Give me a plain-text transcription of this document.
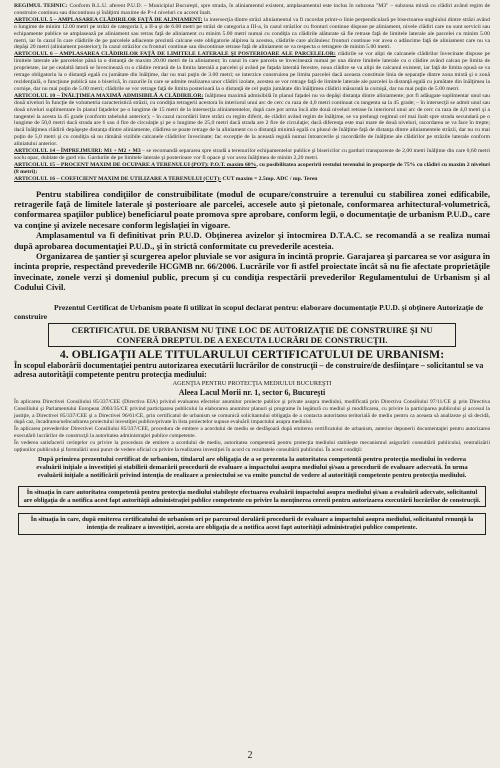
REGIMUL TEHNIC: Conform R.L.U. aferent P.U.D. – Municipiul Bucureşti, spre strada, în aliniamentul existent, amplasamentul este inclus în subzona "M3" – subzona mixtă cu clădiri având regim de construire continuu sau discontinuu şi înălţimi maxime de P+4 niveluri cu accent înalt.

ARTICOLUL 5 – AMPLASAREA CLĂDIRILOR FAŢĂ DE ALINIAMENT: la intersecţia dintre străzi aliniamentul va fi racordat printr-o linie perpendiculară pe bisectoarea unghiului dintre străzi având o lungime de minim 12.00 metri pe străzi de categoria I, a II-a şi de 6.00 metri pe străzi de categoria a III-a, în cazul străzilor cu fronturi continue dispuse pe aliniament, nivele clădiri care nu sunt servicii sau echipamente publice se amplasează pe aliniament sau retras faţă de aliniament cu minim 5.00 metri numai cu condiţia ca clădirile alăturate să fie retrase faţă de limitele laterale ale parcelei cu minim 5.00 metri, iar în cazul în care clădirile de pe parcelele adiacente prezintă calcane este obligatorie alipirea la acestea, clădirile care alcătuiesc fronturi continue vor avea o adâncime faţă de aliniament care nu va depăşi 20 metri (aliniament posterior); în cazul străzilor cu fronturi continue sau discontinue retrase faţă de aliniament se va respecta o retragere de minim 5.00 metri.

ARTICOLUL 6 – AMPLASAREA CLĂDIRILOR FAŢĂ DE LIMITELE LATERALE ŞI POSTERIOARE ALE PARCELELOR: clădirile se vor alipi de calcanele clădirilor învecinate dispuse pe limitele laterale ale parcelelor până la o distanţă de maxim 20.00 metri de la aliniament; în cazul în care parcela se învecinează numai pe una dintre limitele laterale cu o clădire având calcan pe limita de proprietate, iar pe cealaltă latură se învecinează cu o clădire retrasă de la limita laterală a parcelei şi având pe faţada laterală ferestre, noua clădire se va alipi de calcanul existent, iar faţă de limita opusă se va retrage obligatoriu la o distanţă egală cu jumătate din înălţime, dar nu mai puţin de 3.00 metri; se interzice construirea pe limita parcelei dacă aceasta constituie linia de separaţie dintre zona mixtă şi o zonă rezidenţială, o funcţiune publică sau o biserică, în cazurile în care se admite realizarea unor clădiri izolate, acestea se vor retrage faţă de limitele laterale ale parcelei la distanţă egală cu jumătate din înălţimea la cornişe, dar nu mai puţin de 5.00 metri; clădirile se vor retrage faţă de limita posterioară la o distanţă de cel puţin jumătate din înălţimea clădirii măsurată la cornişă, dar nu mai puţin de 5.00 metri.

ARTICOLUL 10 – ÎNĂLŢIMEA MAXIMĂ ADMISIBILĂ A CLĂDIRILOR: înălţimea maximă admisibilă în planul faţadei nu va depăşi distanţa dintre aliniamente; pot fi adăugate suplimentar unul sau două niveluri în funcţie de volumetria caracteristică străzii, cu condiţia retragerii acestora în interiorul unui arc de cerc cu raza de 4,0 metri continuat cu tangenta sa la 45 grade; – în intersecţii se admit unul sau două niveluri suplimentare în planul faţadelor pe o lungime de 15 metri de la intersecţia aliniamentelor, după care pot urma încă alte două niveluri retrase în interiorul unui arc de cerc cu raza de 4,0 metri şi a tangentei la acesta la 45 grade (conform tabelului anterior); – în cazul racordării între străzi cu regim diferit, de clădiri având regim de înălţime, se va prelungi regimul cel mai înalt spre strada secundară pe o lungime de 50,0 metri dacă strada are 6 sau 4 fire de circulaţie şi pe o lungime de 25,0 metri dacă strada are 2 fire de circulaţie; dacă diferenţa este mai mare de două niveluri, racordarea se va face în trepte; dacă înălţimea clădirii depăşeşte distanţa dintre aliniamente, clădirea se poate retrage de la aliniament cu o distanţă minimă egală cu plusul de înălţime faţă de distanţa dintre aliniamentele străzii, dar nu cu mai puţin de 5,0 metri şi cu condiţia să nu rămână vizibile calcanele clădirilor învecinate; fac excepţie de la această regulă numai întoarcerile şi racordările de înălţime ale clădirilor pe străzile laterale conform aliniatului anterior.

ARTICOLUL 14 – ÎMPREJMUIRI: M1 + M2 + M3 – se recomandă separarea spre stradă a terenurilor echipamentelor publice şi bisericilor cu garduri transparente de 2,00 metri înălţime din care 0,60 metri soclu opac, dublate de gard viu. Gardurile de pe limitele laterale şi posterioare vor fi opace şi vor avea înălţimea de minim 2,20 metri.

ARTICOLUL 15 – PROCENT MAXIM DE OCUPARE A TERENULUI (POT): P.O.T. maxim 60%, cu posibilitatea acoperirii restului terenului în proporţie de 75% cu clădiri cu maxim 2 niveluri (8 metri);

ARTICOLUL 16 – COEFICIENT MAXIM DE UTILIZARE A TERENULUI (CUT): CUT maxim = 2.5mp. ADC / mp. Teren

Pentru stabilirea condiţiilor de construibilitate (modul de ocupare/construire a terenului cu stabilirea zonei edificabile, retragerile faţă de limitele laterale şi posterioare ale parcelei, accesele auto şi pietonale, conformarea arhitectural-volumetrică, conformarea spaţiilor publice) beneficiarul poate promova spre aprobare, conform legii, o documentaţie de urbanism P.U.D., care va conţine şi avizele necesare conform legislaţiei în vigoare.

Amplasamentul va fi definitivat prin P.U.D. Obţinerea avizelor şi întocmirea D.T.A.C. se recomandă a se realiza numai după aprobarea documentaţiei P.U.D., şi în strictă conformitate cu prevederile acesteia.

Organizarea de şantier şi scurgerea apelor pluviale se vor asigura în incintă proprie. Garajarea şi parcarea se vor asigura în incinta proprie, respectând prevederile HCGMB nr. 66/2006. Lucrările vor fi astfel proiectate încât să nu fie afectate proprietăţile învecinate, zonele verzi şi domeniul public, precum şi cu condiţia respectării prevederilor Regulamentului de Urbanism şi al Codului Civil.

Prezentul Certificat de Urbanism poate fi utilizat în scopul declarat pentru: elaborare documentaţie P.U.D. şi obţinere Autorizaţie de construire
CERTIFICATUL DE URBANISM NU ŢINE LOC DE AUTORIZAŢIE DE CONSTRUIRE ŞI NU CONFERĂ DREPTUL DE A EXECUTA LUCRĂRI DE CONSTRUCŢII.
4. OBLIGAŢII ALE TITULARULUI CERTIFICATULUI DE URBANISM:

În scopul elaborării documentaţiei pentru autorizarea executării lucrărilor de construcţii – de construire/de desfiinţare – solicitantul se va adresa autorităţii competente pentru protecţia mediului:

AGENŢIA PENTRU PROTECŢIA MEDIULUI BUCUREŞTI

Aleea Lacul Morii nr. 1, sector 6, Bucureşti

În aplicarea Directivei Consiliului 85/337/CEE (Directiva EIA) privind evaluarea efectelor anumitor proiecte publice şi private asupra mediului, modificată prin Directiva Consiliului 97/11/CE şi prin Directiva Consiliului şi Parlamentului European 2003/35/CE privind participarea publicului la elaborarea anumitor planuri şi programe în legătură cu mediul şi modificarea, cu privire la participarea publicului şi accesul la justiţie, a Directivei 85/337/CEE şi a Directivei 96/61/CE, prin certificatul de urbanism se comunică solicitantului obligaţia de a contacta autoritatea teritorială de mediu pentru ca aceasta să analizeze şi să decidă, după caz, încadrarea/neîncadrarea proiectului investiţiei publice/private în lista proiectelor supuse evaluării impactului asupra mediului.

În aplicarea prevederilor Directivei Consiliului 85/337/CEE, procedura de emitere a acordului de mediu se desfăşoară după emiterea certificatului de urbanism, anterior depunerii documentaţiei pentru autorizarea executării lucrărilor de construcţii la autoritatea administraţiei publice competente.

În vederea satisfacerii cerinţelor cu privire la procedura de emitere a acordului de mediu, autoritatea competentă pentru protecţia mediului stabileşte mecanismul asigurării consultării publicului, centralizării opţiunilor publicului şi formulării unui punct de vedere oficial cu privire la realizarea investiţiei în acord cu rezultatele consultării publicului. În acest condiţii:

După primirea prezentului certificat de urbanism, titularul are obligaţia de a se prezenta la autoritatea competentă pentru protecţia mediului în vederea evaluării iniţiale a investiţiei şi stabilirii demarării procedurii de evaluare a impactului asupra mediului şi/sau a procedurii de evaluare adecvată. În urma evaluării iniţiale a notificării privind intenţia de realizare a proiectului se va emite punctul de vedere al autorităţii competente pentru protecţia mediului.

În situaţia în care autoritatea competentă pentru protecţia mediului stabileşte efectuarea evaluării impactului asupra mediului şi/sau a evaluării adecvate, solicitantul are obligaţia de a notifica acest fapt autorităţii administraţiei publice competente cu privire la menţinerea cererii pentru autorizarea executării lucrărilor de construcţii.
În situaţia în care, după emiterea certificatului de urbanism ori pe parcursul derulării procedurii de evaluare a impactului asupra mediului, solicitantul renunţă la intenţia de realizare a investiţiei, acesta are obligaţia de a notifica acest fapt autorităţii administraţiei publice competente.
2
